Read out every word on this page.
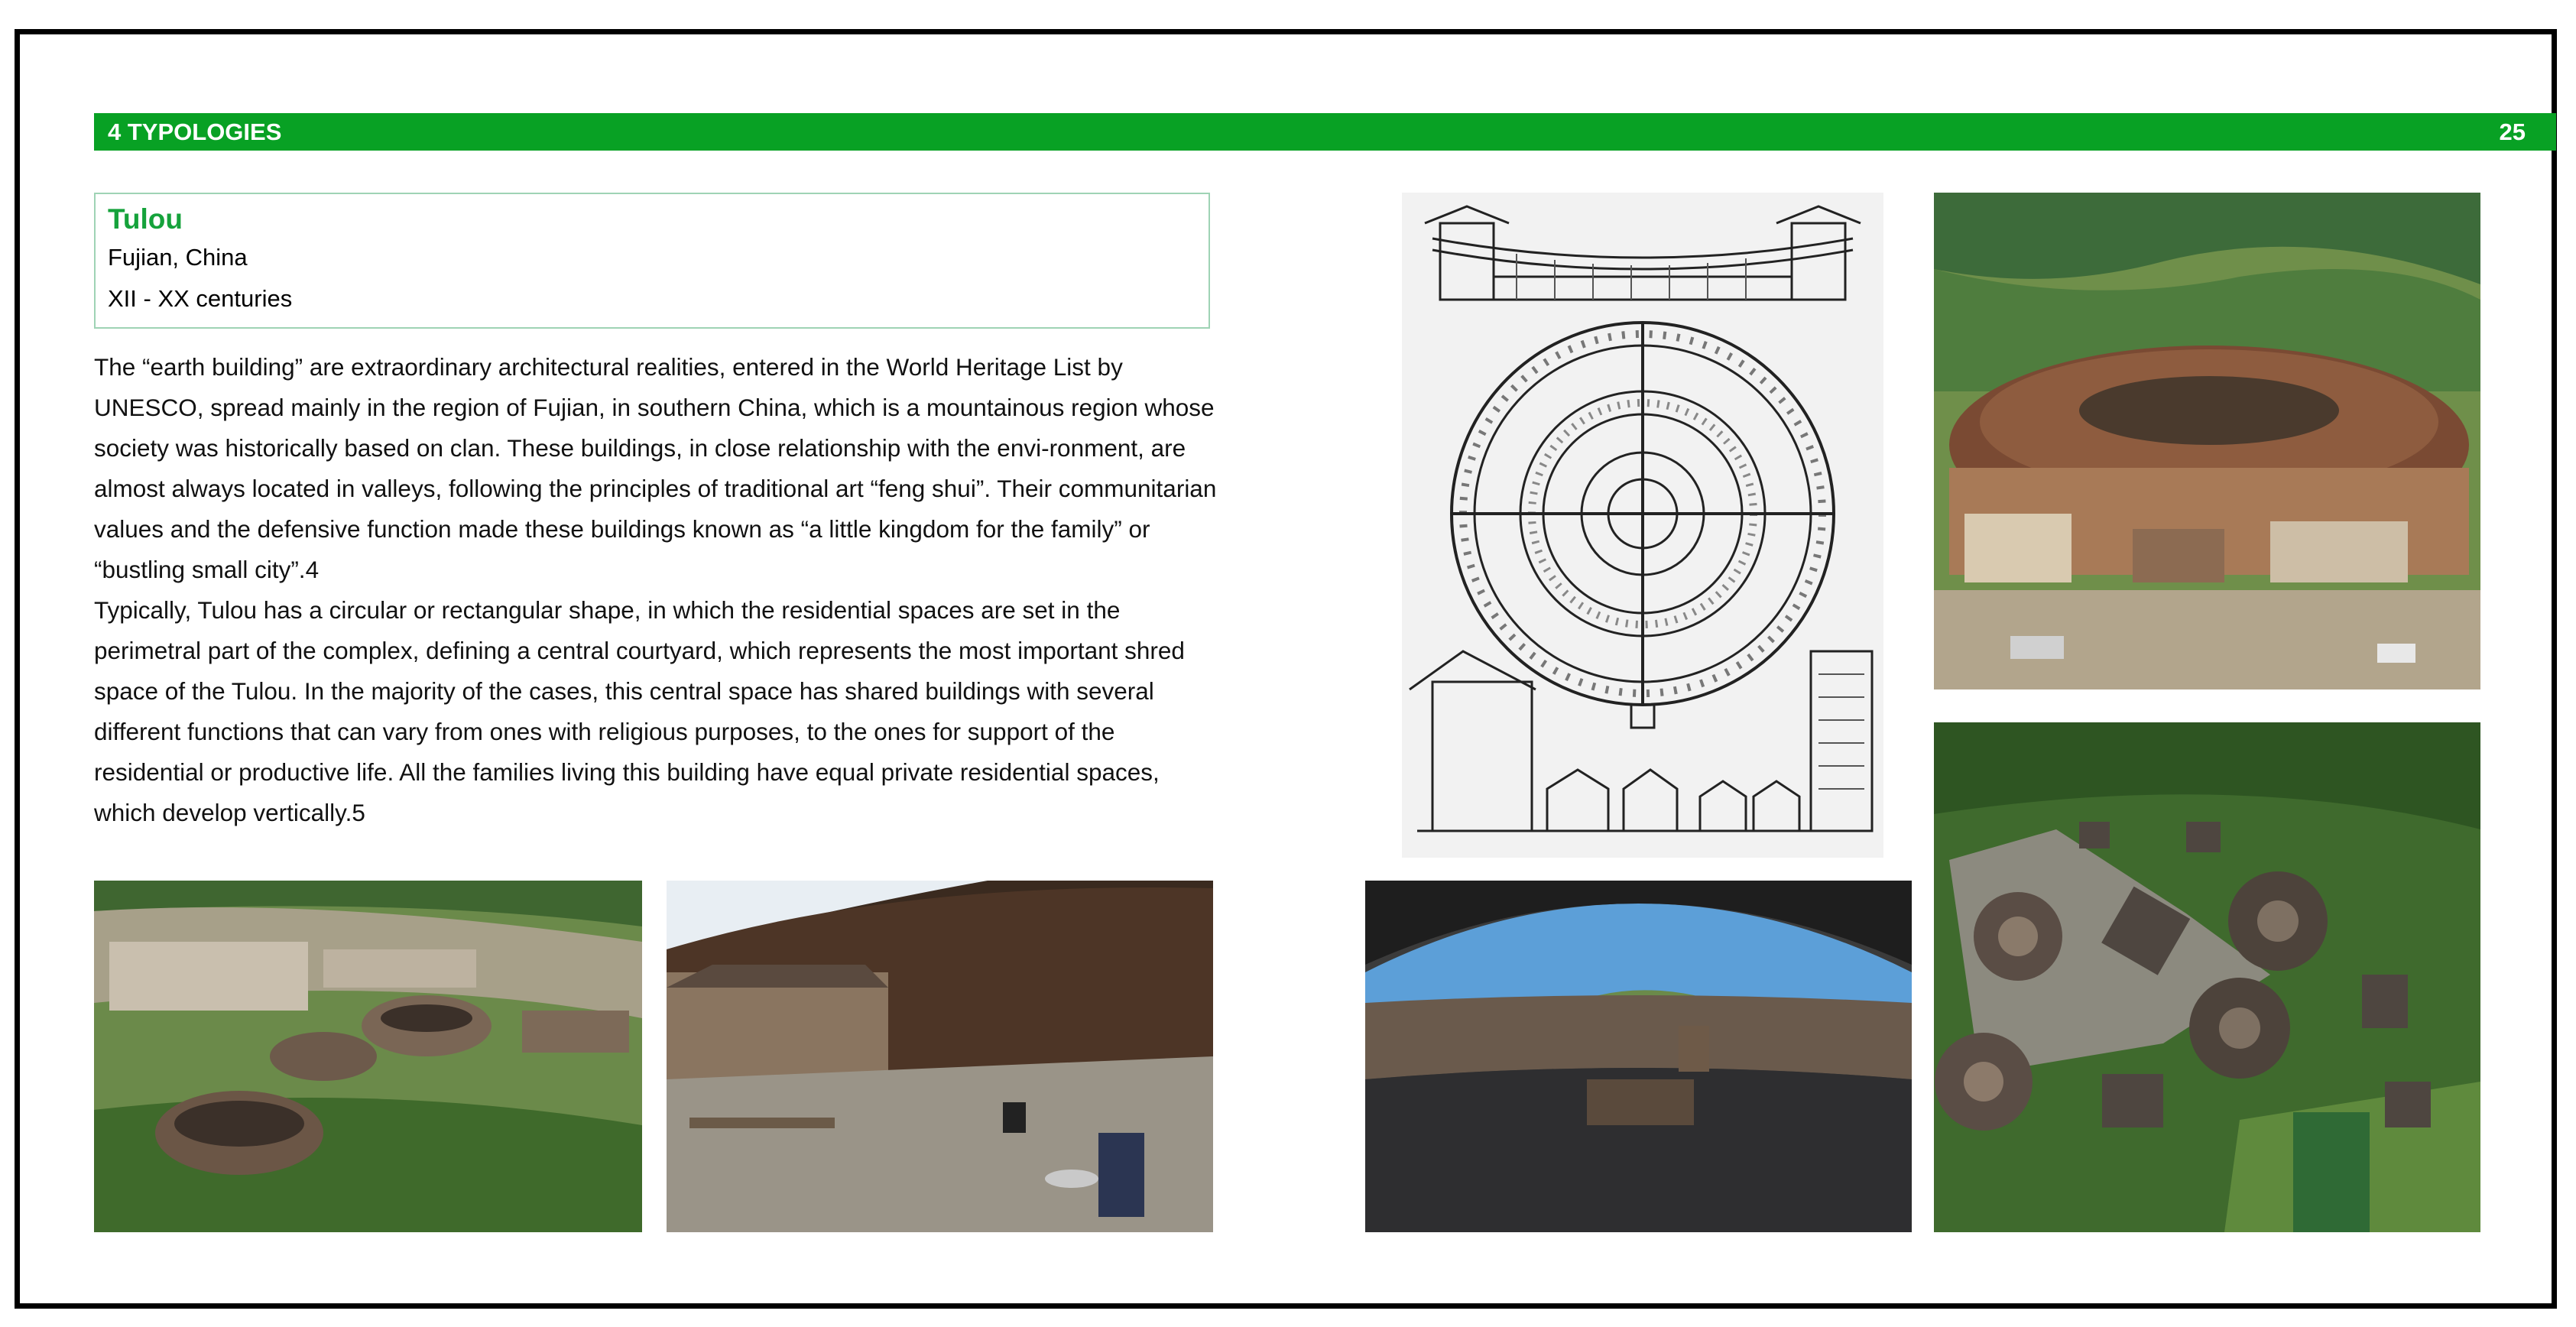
4 TYPOLOGIES	25
Tulou
Fujian, China
XII - XX centuries

The “earth building” are extraordinary architectural realities, entered in the World Heritage List by UNESCO, spread mainly in the region of Fujian, in southern China, which is a mountainous region whose society was historically based on clan. These buildings, in close relationship with the envi-ronment, are almost always located in valleys, following the principles of traditional art “feng shui”. Their communitarian values and the defensive function made these buildings known as “a little kingdom for the family” or “bustling small city”.4

Typically, Tulou has a circular or rectangular shape, in which the residential spaces are set in the perimetral part of the complex, defining a central courtyard, which represents the most important shred space of the Tulou. In the majority of the cases, this central space has shared buildings with several different functions that can vary from ones with religious purposes, to the ones for support of the residential or productive life. All the families living this building have equal private residential spaces, which develop vertically.5
